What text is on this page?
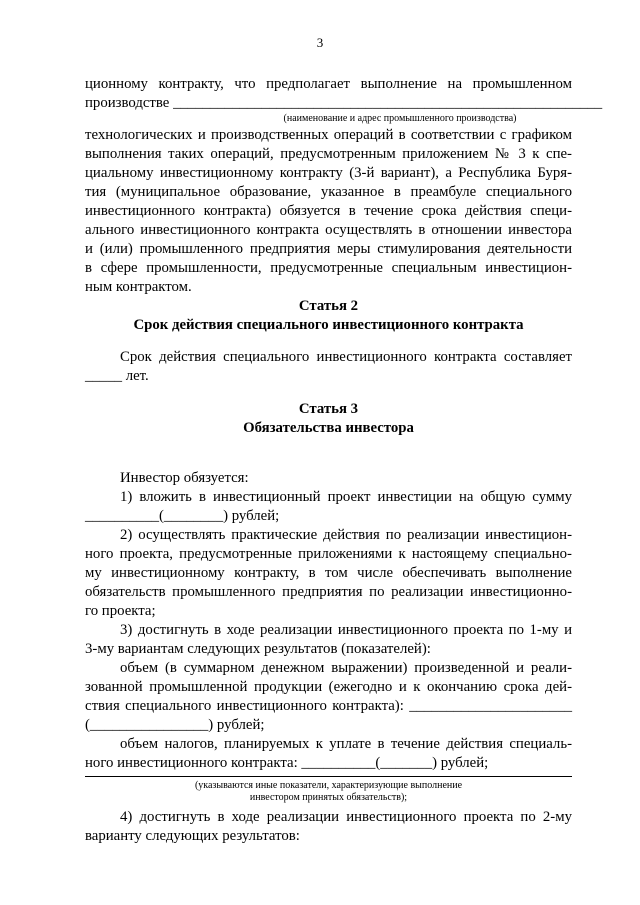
3
ционному контракту, что предполагает выполнение на промышленном
производстве __________________________________________________________
(наименование и адрес промышленного производства)
технологических и производственных операций в соответствии с графиком
выполнения таких операций, предусмотренным приложением № 3 к спе-
циальному инвестиционному контракту (3-й вариант), а Республика Буря-
тия (муниципальное образование, указанное в преамбуле специального
инвестиционного контракта) обязуется в течение срока действия специ-
ального инвестиционного контракта осуществлять в отношении инвестора
и (или) промышленного предприятия меры стимулирования деятельности
в сфере промышленности, предусмотренные специальным инвестицион-
ным контрактом.
Статья 2
Срок действия специального инвестиционного контракта
Срок действия специального инвестиционного контракта составляет
_____ лет.
Статья 3
Обязательства инвестора
Инвестор обязуется:
1) вложить в инвестиционный проект инвестиции на общую сумму
__________(________) рублей;
2) осуществлять практические действия по реализации инвестицион-
ного проекта, предусмотренные приложениями к настоящему специально-
му инвестиционному контракту, в том числе обеспечивать выполнение
обязательств промышленного предприятия по реализации инвестиционно-
го проекта;
3) достигнуть в ходе реализации инвестиционного проекта по 1-му и
3-му вариантам следующих результатов (показателей):
объем (в суммарном денежном выражении) произведенной и реали-
зованной промышленной продукции (ежегодно и к окончанию срока дей-
ствия специального инвестиционного контракта): ______________________
(________________) рублей;
объем налогов, планируемых к уплате в течение действия специаль-
ного инвестиционного контракта: __________(_______) рублей;
(указываются иные показатели, характеризующие выполнение
инвестором принятых обязательств);
4) достигнуть в ходе реализации инвестиционного проекта по 2-му
варианту следующих результатов:
